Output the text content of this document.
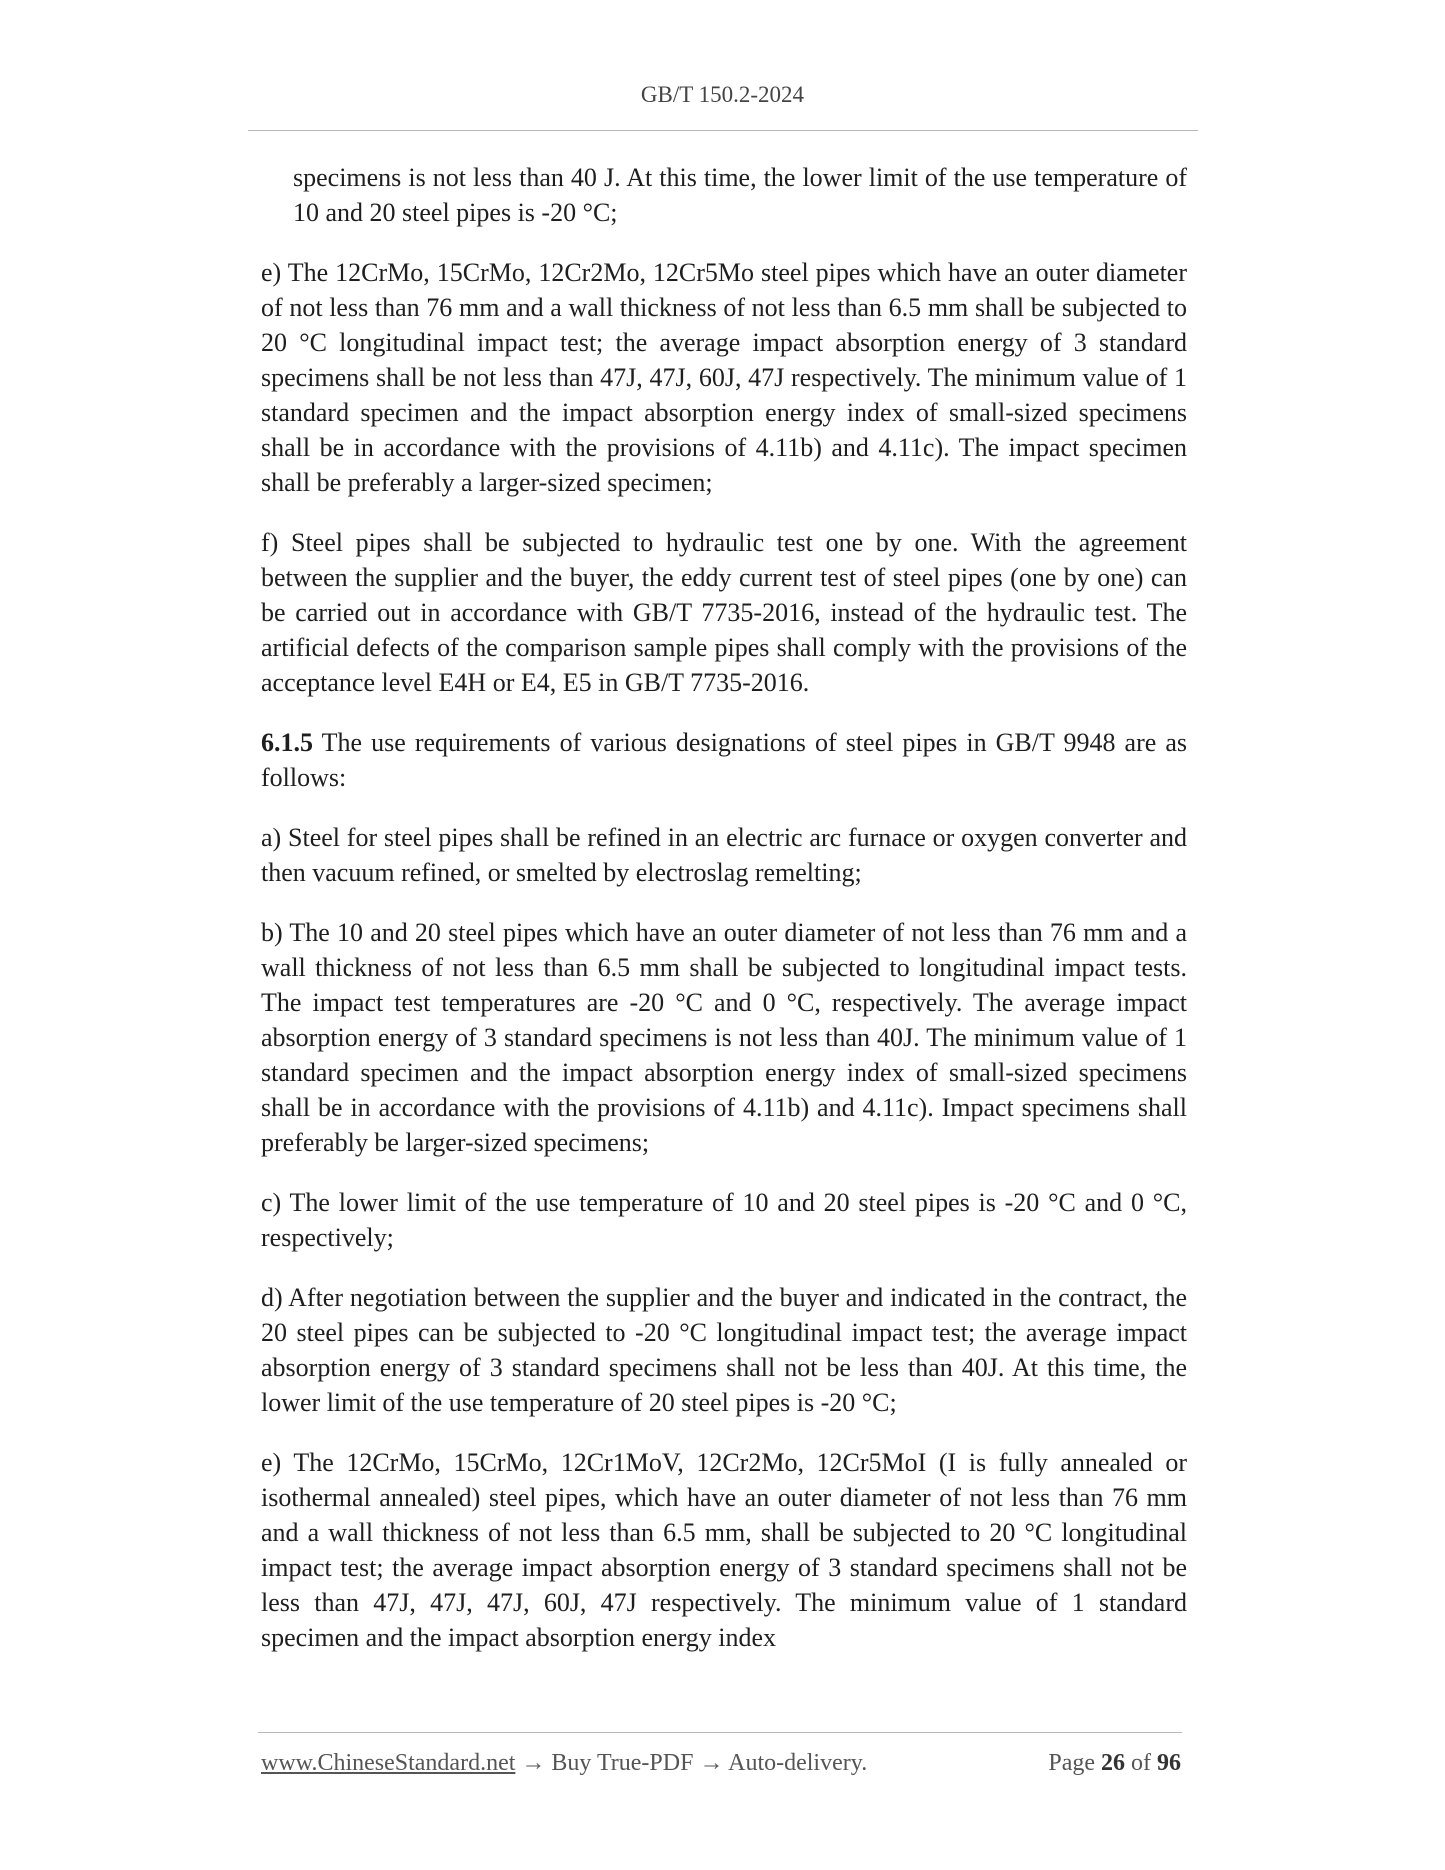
GB/T 150.2-2024
specimens is not less than 40 J. At this time, the lower limit of the use temperature of 10 and 20 steel pipes is -20 °C;
e) The 12CrMo, 15CrMo, 12Cr2Mo, 12Cr5Mo steel pipes which have an outer diameter of not less than 76 mm and a wall thickness of not less than 6.5 mm shall be subjected to 20 °C longitudinal impact test; the average impact absorption energy of 3 standard specimens shall be not less than 47J, 47J, 60J, 47J respectively. The minimum value of 1 standard specimen and the impact absorption energy index of small-sized specimens shall be in accordance with the provisions of 4.11b) and 4.11c). The impact specimen shall be preferably a larger-sized specimen;
f) Steel pipes shall be subjected to hydraulic test one by one. With the agreement between the supplier and the buyer, the eddy current test of steel pipes (one by one) can be carried out in accordance with GB/T 7735-2016, instead of the hydraulic test. The artificial defects of the comparison sample pipes shall comply with the provisions of the acceptance level E4H or E4, E5 in GB/T 7735-2016.
6.1.5 The use requirements of various designations of steel pipes in GB/T 9948 are as follows:
a) Steel for steel pipes shall be refined in an electric arc furnace or oxygen converter and then vacuum refined, or smelted by electroslag remelting;
b) The 10 and 20 steel pipes which have an outer diameter of not less than 76 mm and a wall thickness of not less than 6.5 mm shall be subjected to longitudinal impact tests. The impact test temperatures are -20 °C and 0 °C, respectively. The average impact absorption energy of 3 standard specimens is not less than 40J. The minimum value of 1 standard specimen and the impact absorption energy index of small-sized specimens shall be in accordance with the provisions of 4.11b) and 4.11c). Impact specimens shall preferably be larger-sized specimens;
c) The lower limit of the use temperature of 10 and 20 steel pipes is -20 °C and 0 °C, respectively;
d) After negotiation between the supplier and the buyer and indicated in the contract, the 20 steel pipes can be subjected to -20 °C longitudinal impact test; the average impact absorption energy of 3 standard specimens shall not be less than 40J. At this time, the lower limit of the use temperature of 20 steel pipes is -20 °C;
e) The 12CrMo, 15CrMo, 12Cr1MoV, 12Cr2Mo, 12Cr5MoI (I is fully annealed or isothermal annealed) steel pipes, which have an outer diameter of not less than 76 mm and a wall thickness of not less than 6.5 mm, shall be subjected to 20 °C longitudinal impact test; the average impact absorption energy of 3 standard specimens shall not be less than 47J, 47J, 47J, 60J, 47J respectively. The minimum value of 1 standard specimen and the impact absorption energy index
www.ChineseStandard.net → Buy True-PDF → Auto-delivery.	Page 26 of 96
